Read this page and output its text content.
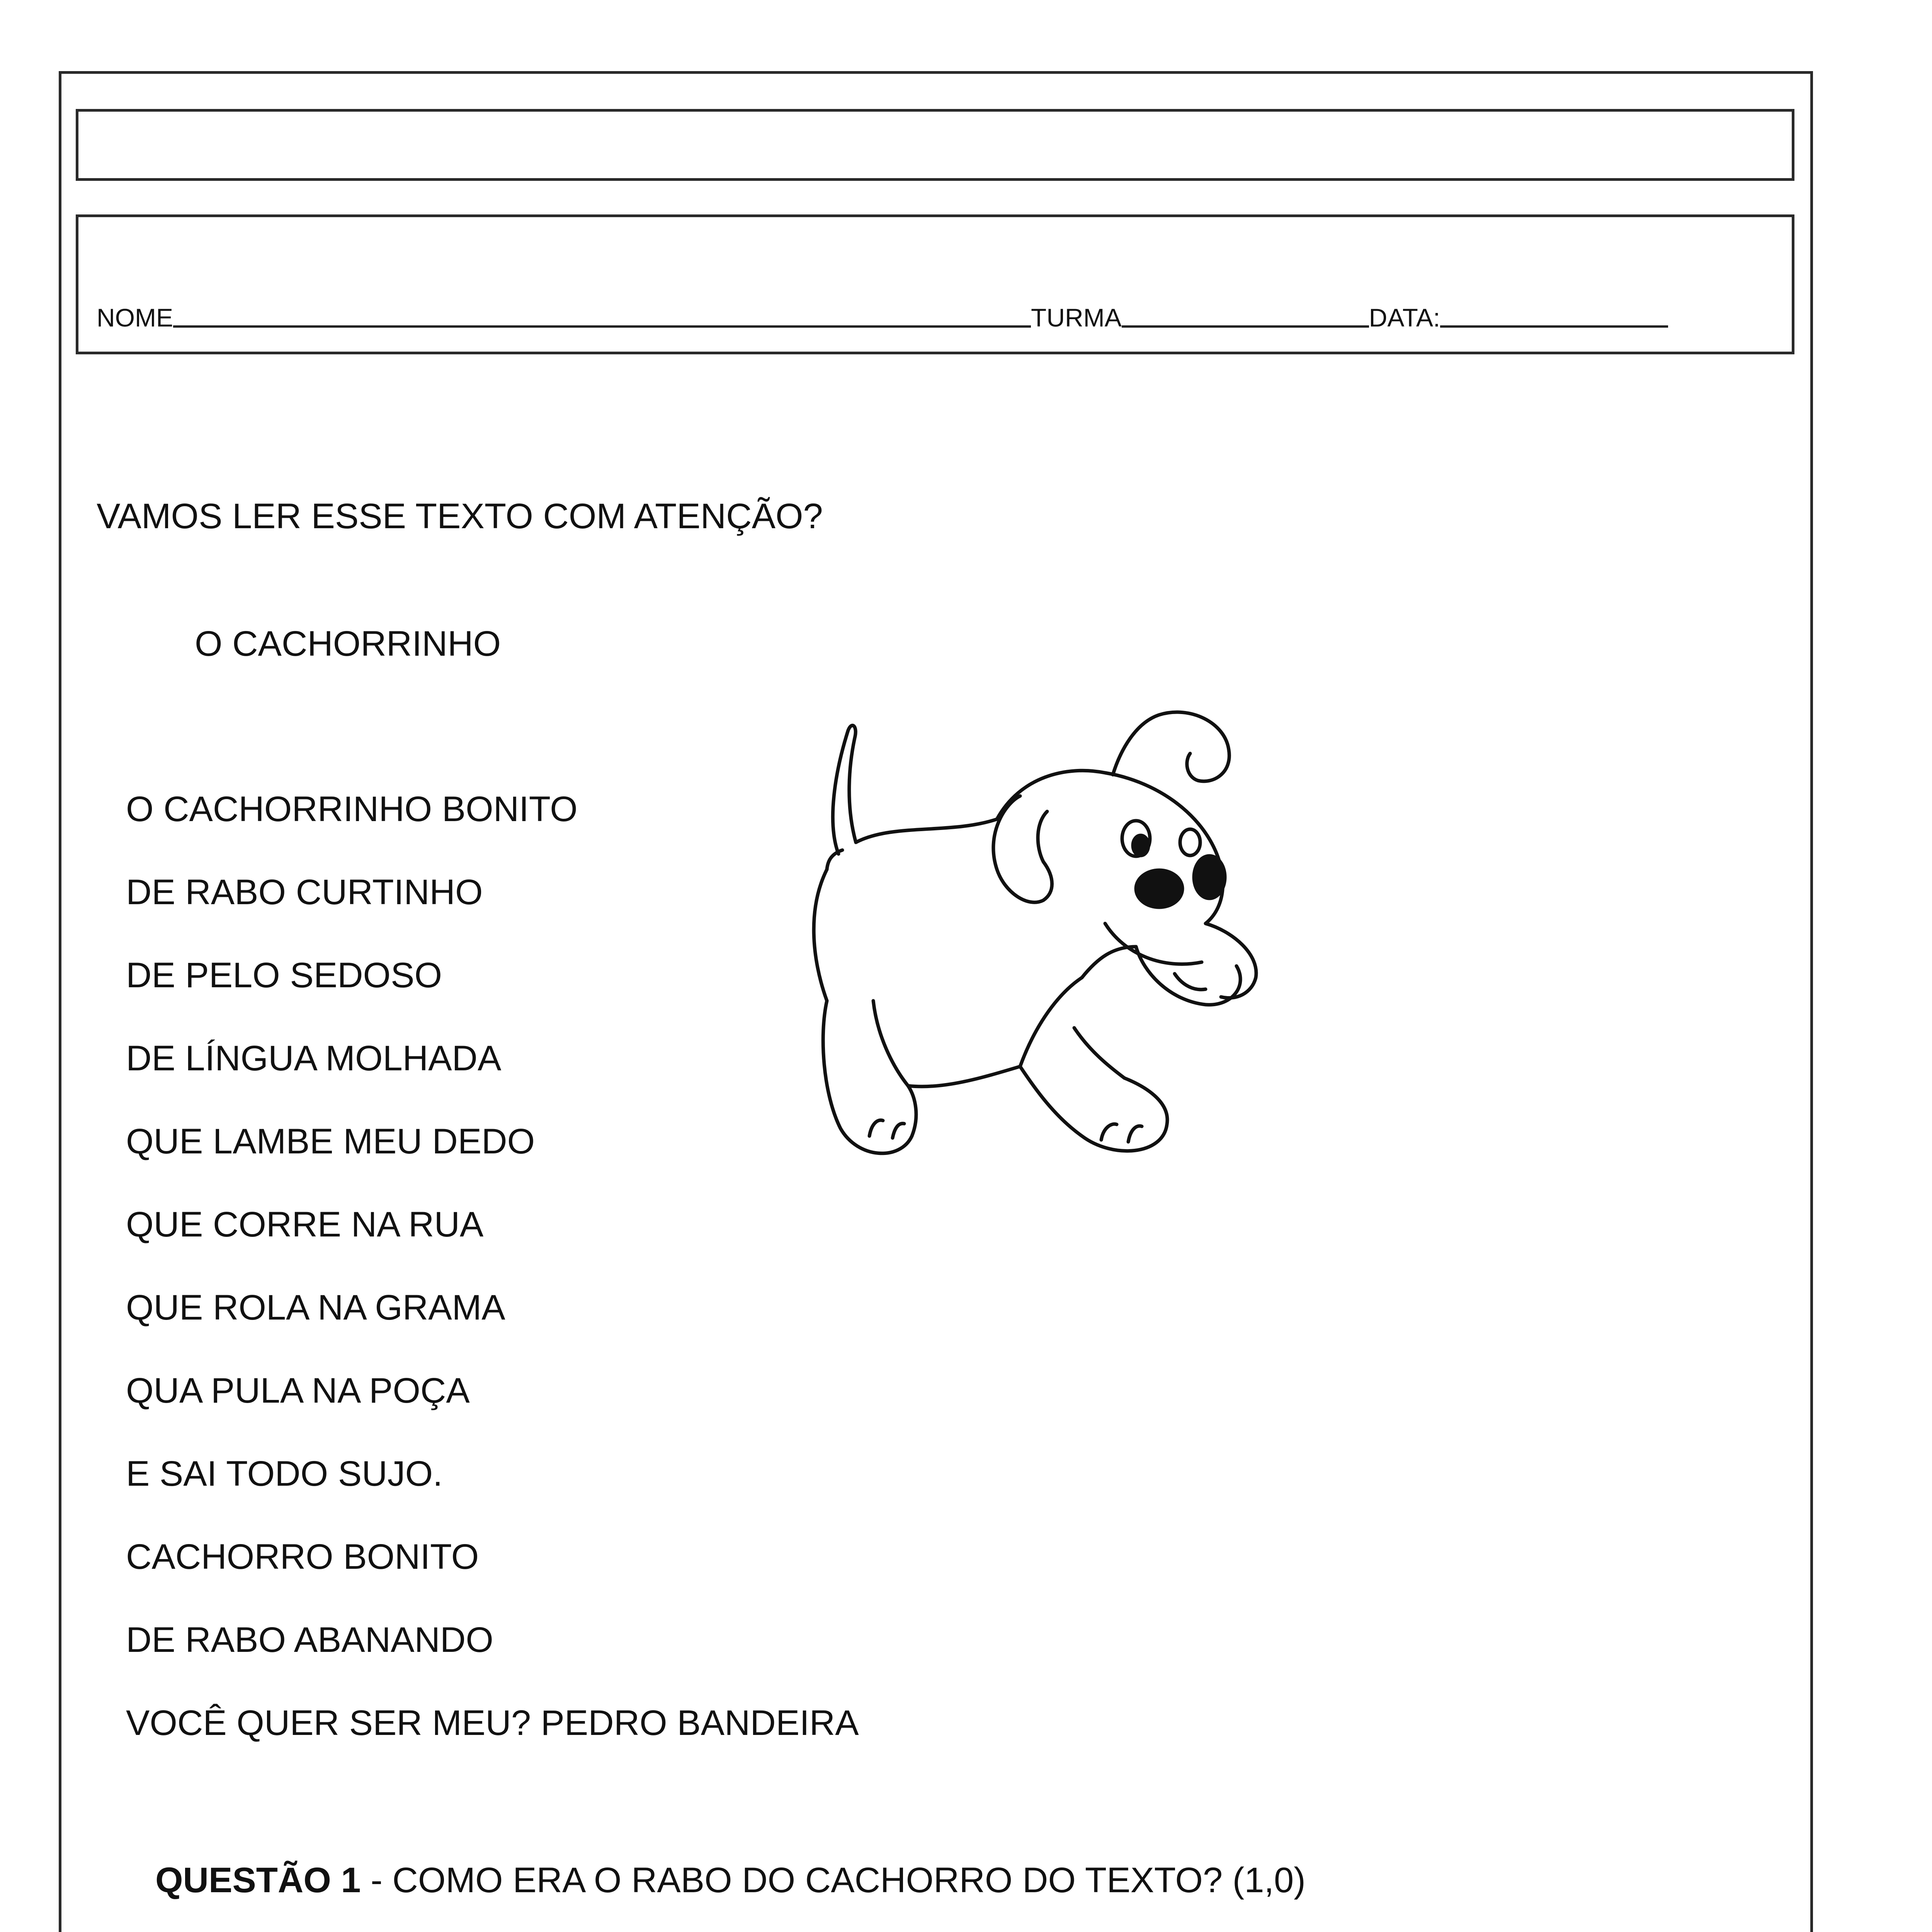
NOME	TURMA	DATA:
VAMOS LER ESSE TEXTO COM ATENÇÃO?
O CACHORRINHO
O CACHORRINHO BONITO
DE RABO CURTINHO
DE PELO SEDOSO
DE LÍNGUA MOLHADA
QUE LAMBE MEU DEDO
QUE CORRE NA RUA
QUE ROLA NA GRAMA
QUA PULA NA POÇA
E SAI TODO SUJO.
CACHORRO BONITO
DE RABO ABANANDO
VOCÊ QUER SER MEU? PEDRO BANDEIRA
QUESTÃO 1 - COMO ERA O RABO DO CACHORRO DO TEXTO? (1,0)
